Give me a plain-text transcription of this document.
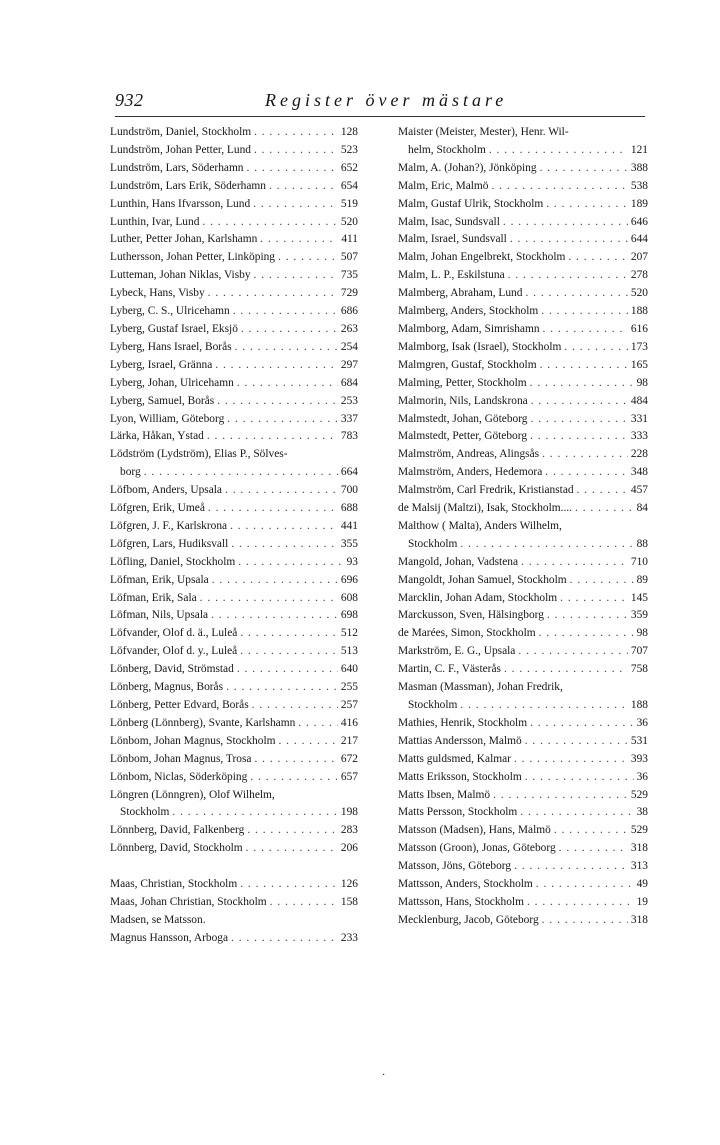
932	Register över mästare
Lundström, Daniel, Stockholm . . .	128
Lundström, Johan Petter, Lund . . .	523
Lundström, Lars, Söderhamn . . .	652
Lundström, Lars Erik, Söderhamn . . .	654
Lunthin, Hans Ifvarsson, Lund . . .	519
Lunthin, Ivar, Lund . . .	520
Luther, Petter Johan, Karlshamn . . .	411
Luthersson, Johan Petter, Linköping . . .	507
Lutteman, Johan Niklas, Visby . . .	735
Lybeck, Hans, Visby . . .	729
Lyberg, C. S., Ulricehamn . . .	686
Lyberg, Gustaf Israel, Eksjö . . .	263
Lyberg, Hans Israel, Borås . . .	254
Lyberg, Israel, Gränna . . .	297
Lyberg, Johan, Ulricehamn . . .	684
Lyberg, Samuel, Borås . . .	253
Lyon, William, Göteborg . . .	337
Lärka, Håkan, Ystad . . .	783
Lödström (Lydström), Elias P., Sölves-
borg . . .	664
Löfbom, Anders, Upsala . . .	700
Löfgren, Erik, Umeå . . .	688
Löfgren, J. F., Karlskrona . . .	441
Löfgren, Lars, Hudiksvall . . .	355
Löfling, Daniel, Stockholm . . .	93
Löfman, Erik, Upsala . . .	696
Löfman, Erik, Sala . . .	608
Löfman, Nils, Upsala . . .	698
Löfvander, Olof d. ä., Luleå . . .	512
Löfvander, Olof d. y., Luleå . . .	513
Lönberg, David, Strömstad . . .	640
Lönberg, Magnus, Borås . . .	255
Lönberg, Petter Edvard, Borås . . .	257
Lönberg (Lönnberg), Svante, Karlshamn . . .	416
Lönbom, Johan Magnus, Stockholm . . .	217
Lönbom, Johan Magnus, Trosa . . .	672
Lönbom, Niclas, Söderköping . . .	657
Löngren (Lönngren), Olof Wilhelm,
Stockholm . . .	198
Lönnberg, David, Falkenberg . . .	283
Lönnberg, David, Stockholm . . .	206
Maas, Christian, Stockholm . . .	126
Maas, Johan Christian, Stockholm . . .	158
Madsen, se Matsson.
Magnus Hansson, Arboga . . .	233
Maister (Meister, Mester), Henr. Wil-
helm, Stockholm . . .	121
Malm, A. (Johan?), Jönköping . . .	388
Malm, Eric, Malmö . . .	538
Malm, Gustaf Ulrik, Stockholm . . .	189
Malm, Isac, Sundsvall . . .	646
Malm, Israel, Sundsvall . . .	644
Malm, Johan Engelbrekt, Stockholm . . .	207
Malm, L. P., Eskilstuna . . .	278
Malmberg, Abraham, Lund . . .	520
Malmberg, Anders, Stockholm . . .	188
Malmborg, Adam, Simrishamn . . .	616
Malmborg, Isak (Israel), Stockholm . . .	173
Malmgren, Gustaf, Stockholm . . .	165
Malming, Petter, Stockholm . . .	98
Malmorin, Nils, Landskrona . . .	484
Malmstedt, Johan, Göteborg . . .	331
Malmstedt, Petter, Göteborg . . .	333
Malmström, Andreas, Alingsås . . .	228
Malmström, Anders, Hedemora . . .	348
Malmström, Carl Fredrik, Kristianstad . . .	457
de Malsij (Maltzi), Isak, Stockholm.... . . .	84
Malthow ( Malta), Anders Wilhelm,
Stockholm . . .	88
Mangold, Johan, Vadstena . . .	710
Mangoldt, Johan Samuel, Stockholm . . .	89
Marcklin, Johan Adam, Stockholm . . .	145
Marckusson, Sven, Hälsingborg . . .	359
de Marées, Simon, Stockholm . . .	98
Markström, E. G., Upsala . . .	707
Martin, C. F., Västerås . . .	758
Masman (Massman), Johan Fredrik,
Stockholm . . .	188
Mathies, Henrik, Stockholm . . .	36
Mattias Andersson, Malmö . . .	531
Matts guldsmed, Kalmar . . .	393
Matts Eriksson, Stockholm . . .	36
Matts Ibsen, Malmö . . .	529
Matts Persson, Stockholm . . .	38
Matsson (Madsen), Hans, Malmö . . .	529
Matsson (Groon), Jonas, Göteborg . . .	318
Matsson, Jöns, Göteborg . . .	313
Mattsson, Anders, Stockholm . . .	49
Mattsson, Hans, Stockholm . . .	19
Mecklenburg, Jacob, Göteborg . . .	318
·
